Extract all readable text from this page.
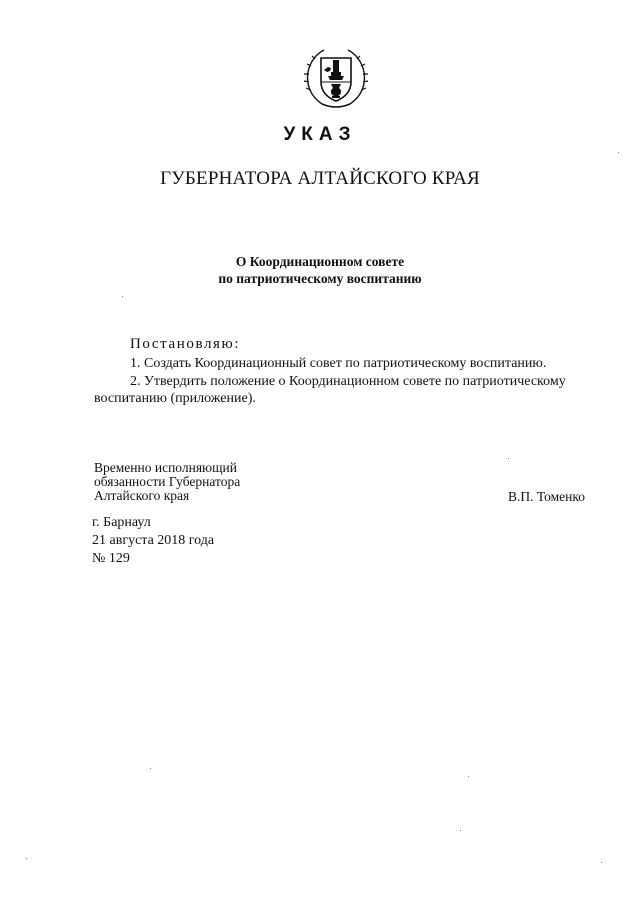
УКАЗ
ГУБЕРНАТОРА АЛТАЙСКОГО КРАЯ
О Координационном совете
по патриотическому воспитанию
Постановляю:
1. Создать Координационный совет по патриотическому воспитанию.
2. Утвердить положение о Координационном совете по патриотическому
воспитанию (приложение).
Временно исполняющий
обязанности Губернатора
Алтайского края	В.П. Томенко
г. Барнаул
21 августа 2018 года
№ 129
